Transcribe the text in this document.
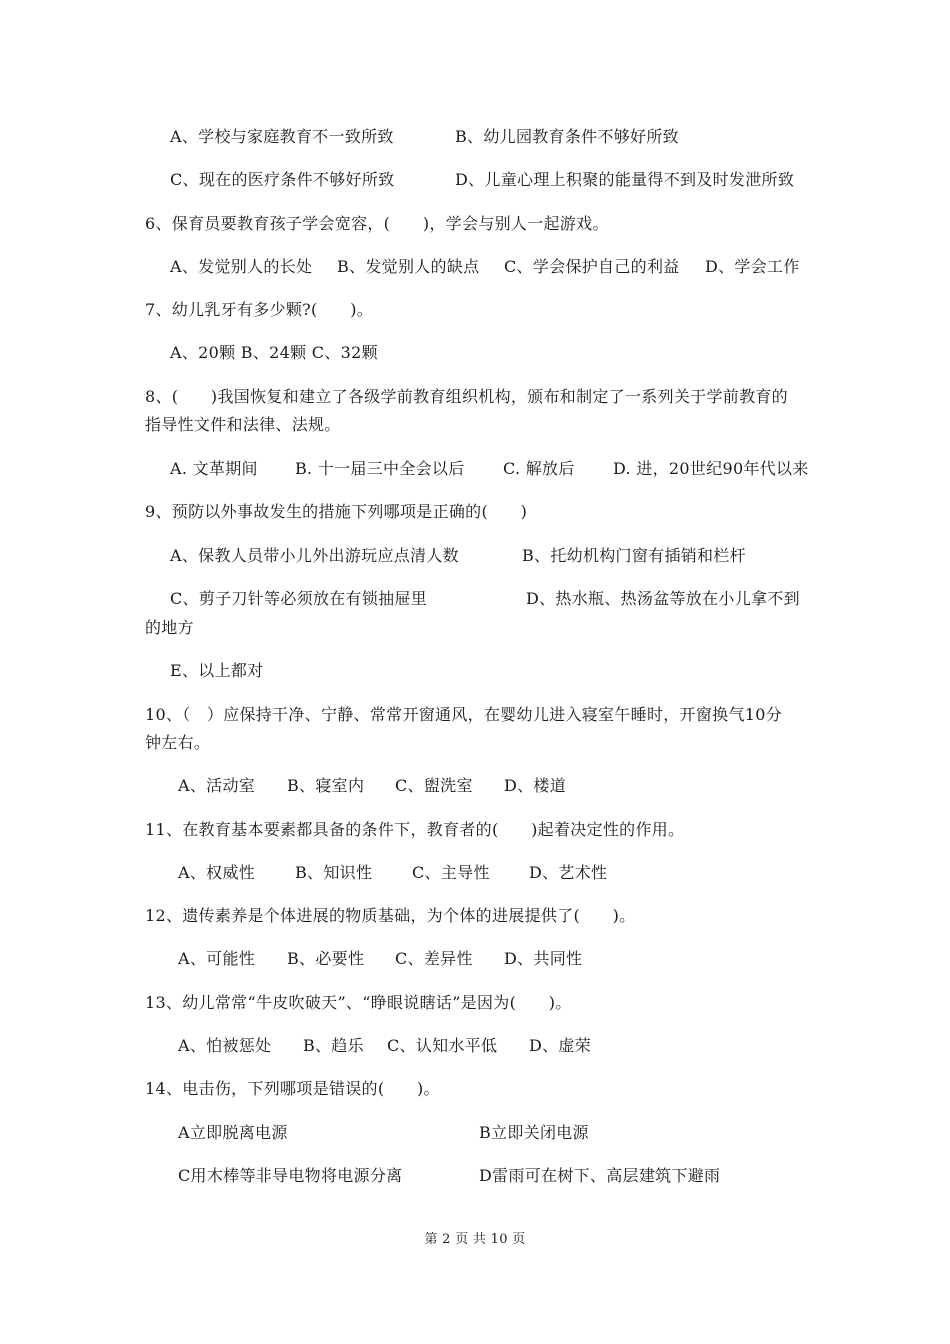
A、学校与家庭教育不一致所致	B、幼儿园教育条件不够好所致
C、现在的医疗条件不够好所致	D、儿童心理上积聚的能量得不到及时发泄所致
6、保育员要教育孩子学会宽容，(　　)，学会与别人一起游戏。
A、发觉别人的长处 B、发觉别人的缺点 C、学会保护自己的利益 D、学会工作
7、幼儿乳牙有多少颗?(　　)。
A、20颗 B、24颗 C、32颗
8、(　　)我国恢复和建立了各级学前教育组织机构，颁布和制定了一系列关于学前教育的
指导性文件和法律、法规。
A. 文革期间 B. 十一届三中全会以后 C. 解放后 D. 进，20世纪90年代以来
9、预防以外事故发生的措施下列哪项是正确的(　　)
A、保教人员带小儿外出游玩应点清人数	B、托幼机构门窗有插销和栏杆
C、剪子刀针等必须放在有锁抽屉里	D、热水瓶、热汤盆等放在小儿拿不到
的地方
E、以上都对
10、（　）应保持干净、宁静、常常开窗通风，在婴幼儿进入寝室午睡时，开窗换气10分
钟左右。
A、活动室 B、寝室内 C、盥洗室 D、楼道
11、在教育基本要素都具备的条件下，教育者的(　　)起着决定性的作用。
A、权威性 B、知识性 C、主导性 D、艺术性
12、遗传素养是个体进展的物质基础，为个体的进展提供了(　　)。
A、可能性 B、必要性 C、差异性 D、共同性
13、幼儿常常“牛皮吹破天”、“睁眼说瞎话”是因为(　　)。
A、怕被惩处 B、趋乐 C、认知水平低 D、虚荣
14、电击伤，下列哪项是错误的(　　)。
A立即脱离电源	B立即关闭电源
C用木棒等非导电物将电源分离	D雷雨可在树下、高层建筑下避雨
第 2 页 共 10 页
